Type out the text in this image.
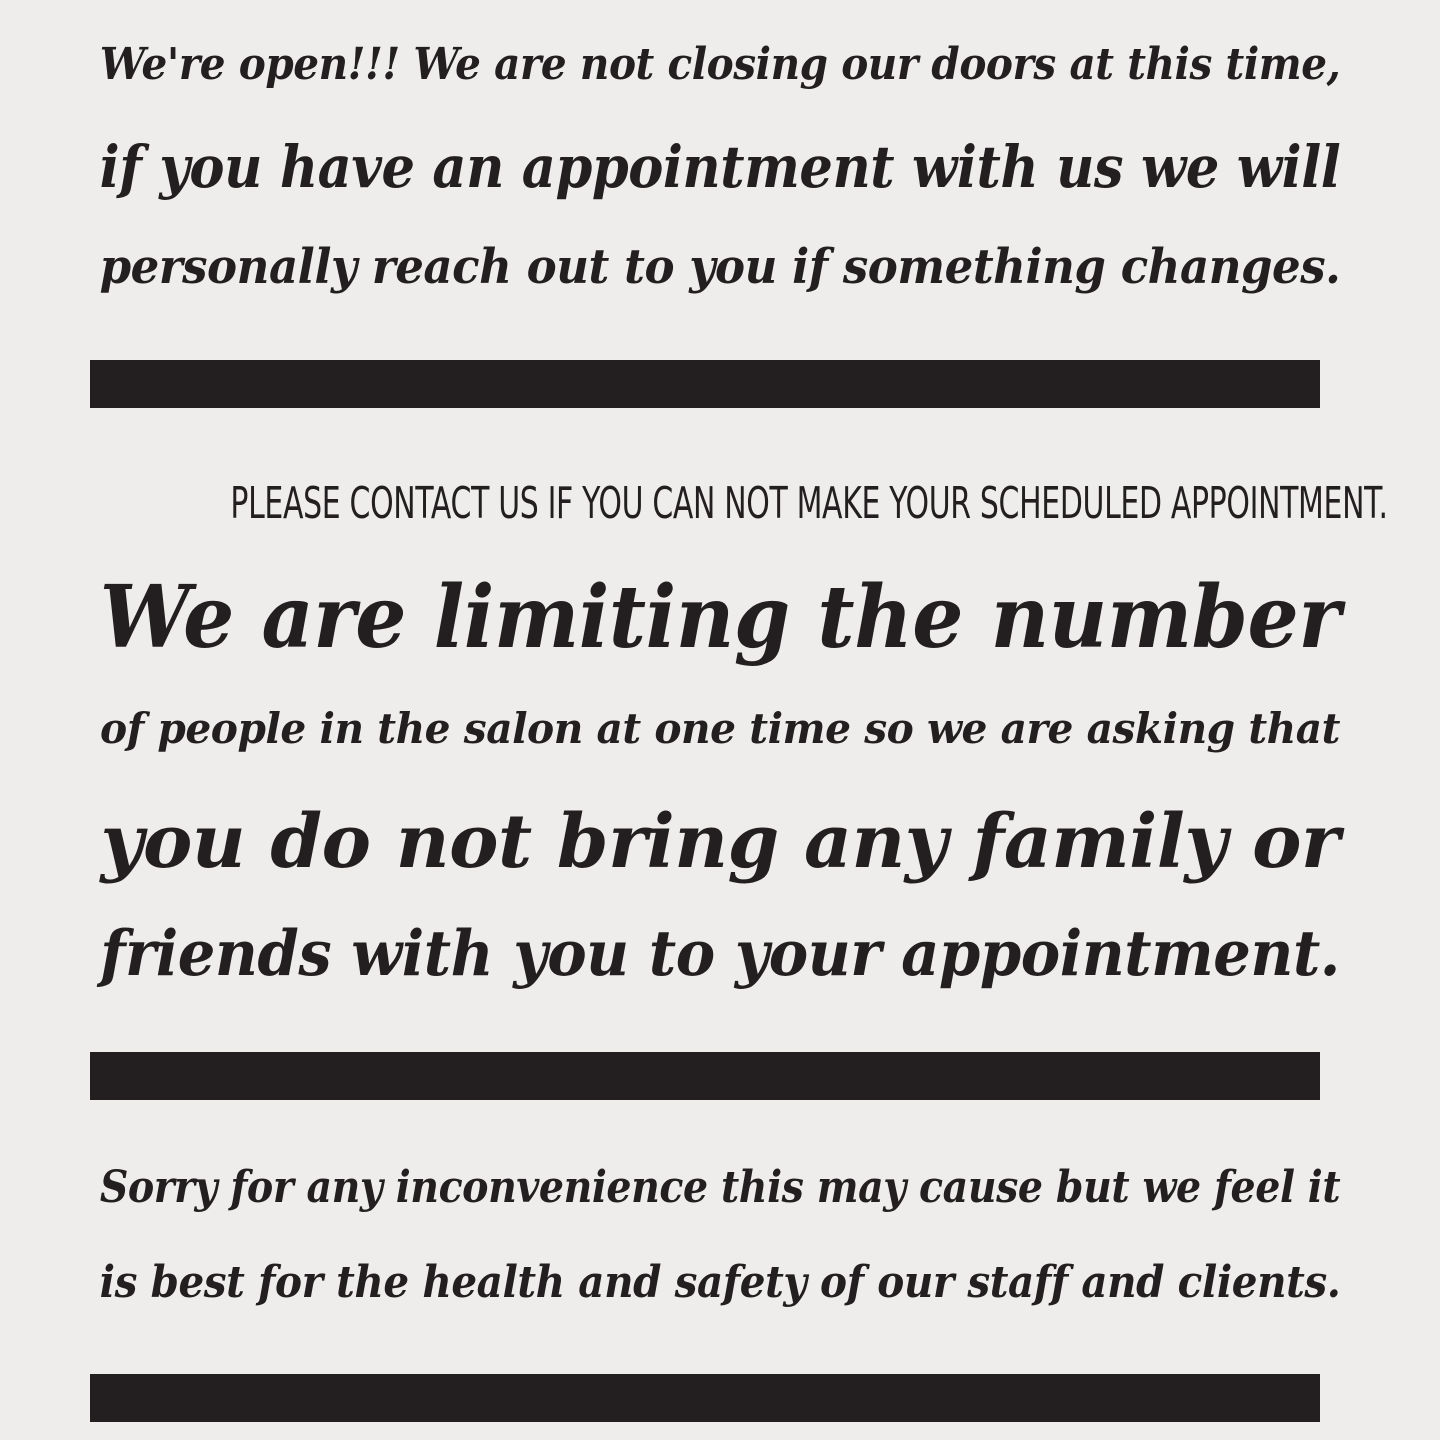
We're open!!! We are not closing our doors at this time,
if you have an appointment with us we will
personally reach out to you if something changes.
PLEASE CONTACT US IF YOU CAN NOT MAKE YOUR SCHEDULED APPOINTMENT.
We are limiting the number
of people in the salon at one time so we are asking that
you do not bring any family or
friends with you to your appointment.
Sorry for any inconvenience this may cause but we feel it
is best for the health and safety of our staff and clients.
